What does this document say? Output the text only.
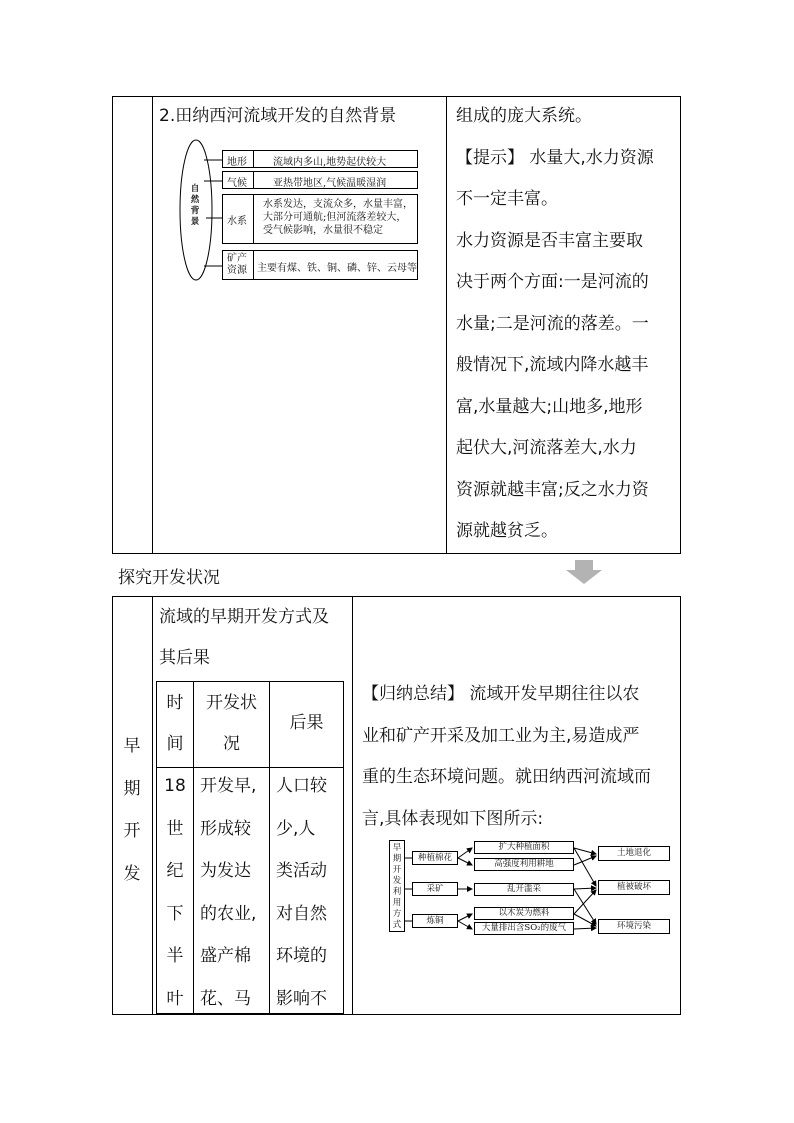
2.田纳西河流域开发的自然背景
自
然
背
景
地形	流域内多山,地势起伏较大
气候	亚热带地区,气候温暖湿润
水系
水系发达，支流众多，水量丰富，
大部分可通航;但河流落差较大，
受气候影响，水量很不稳定
矿产
资源 主要有煤、铁、铜、磷、锌、云母等
组成的庞大系统。
【提示】 水量大,水力资源
不一定丰富。
水力资源是否丰富主要取
决于两个方面:一是河流的
水量;二是河流的落差。一
般情况下,流域内降水越丰
富,水量越大;山地多,地形
起伏大,河流落差大,水力
资源就越丰富;反之水力资
源就越贫乏。
探究开发状况
早
期
开
发
流域的早期开发方式及
其后果
时
间
开发状
况
后果
18
世
纪
下
半
叶
开发早,
形成较
为发达
的农业,
盛产棉
花、马
人口较
少,人
类活动
对自然
环境的
影响不
【归纳总结】 流域开发早期往往以农
业和矿产开采及加工业为主,易造成严
重的生态环境问题。就田纳西河流域而
言,具体表现如下图所示:
早
期
开
发
利
用
方
式
种植棉花
采矿
炼铜
扩大种植面积
高强度利用耕地
乱开滥采
以木炭为燃料
大量排出含SO₂的废气
土地退化
植被破坏
环境污染
